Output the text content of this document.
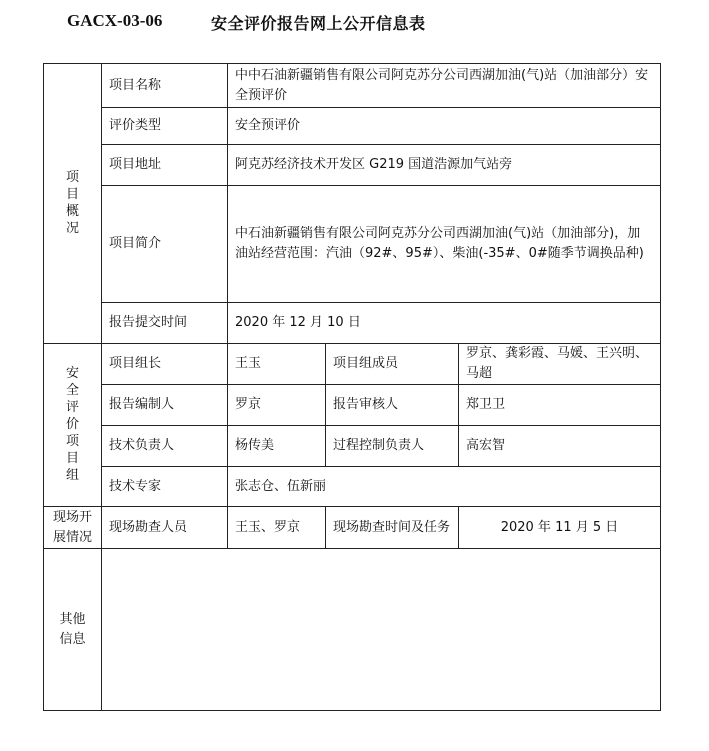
GACX-03-06	安全评价报告网上公开信息表
项目概况	项目名称	中中石油新疆销售有限公司阿克苏分公司西湖加油(气)站（加油部分）安全预评价		
	评价类型	安全预评价		
	项目地址	阿克苏经济技术开发区 G219 国道浩源加气站旁		
	项目简介	中石油新疆销售有限公司阿克苏分公司西湖加油(气)站（加油部分)，加油站经营范围：汽油（92#、95#）、柴油(-35#、0#随季节调换品种)		
	报告提交时间	2020 年 12 月 10 日		
安全评价项目组	项目组长	王玉	项目组成员	罗京、龚彩霞、马媛、王兴明、马超
	报告编制人	罗京	报告审核人	郑卫卫
	技术负责人	杨传美	过程控制负责人	高宏智
	技术专家	张志仓、伍新丽		
现场开展情况	现场勘查人员	王玉、罗京	现场勘查时间及任务	2020 年 11 月 5 日
其他信息				
